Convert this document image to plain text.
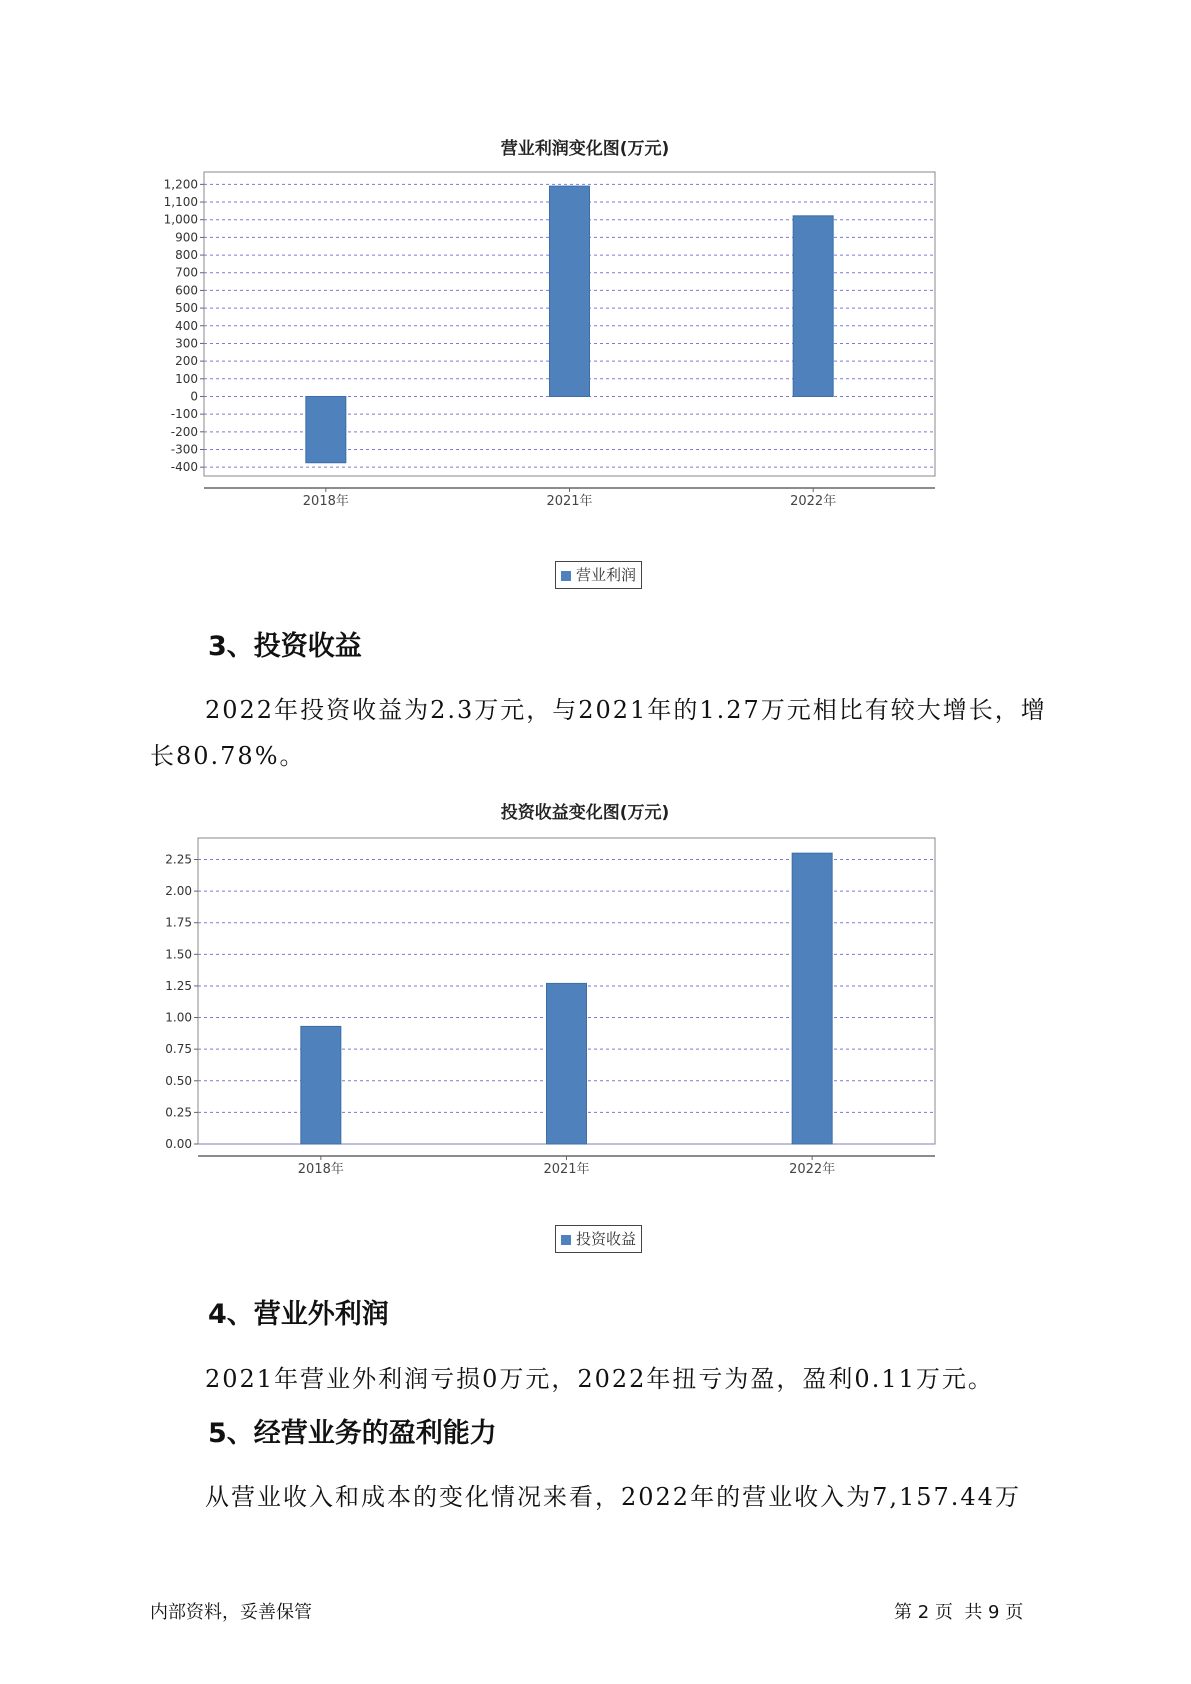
营业利润变化图(万元)
1,200
1,100
1,000
900
800
700
600
500
400
300
200
100
0
-100
-200
-300
-400
2018年	2021年	2022年
营业利润
3、投资收益
2022年投资收益为2.3万元，与2021年的1.27万元相比有较大增长，增
长80.78%。
投资收益变化图(万元)
2.25
2.00
1.75
1.50
1.25
1.00
0.75
0.50
0.25
0.00
2018年	2021年	2022年
投资收益
4、营业外利润
2021年营业外利润亏损0万元，2022年扭亏为盈，盈利0.11万元。
5、经营业务的盈利能力
从营业收入和成本的变化情况来看，2022年的营业收入为7,157.44万
内部资料，妥善保管	第 2 页  共 9 页
